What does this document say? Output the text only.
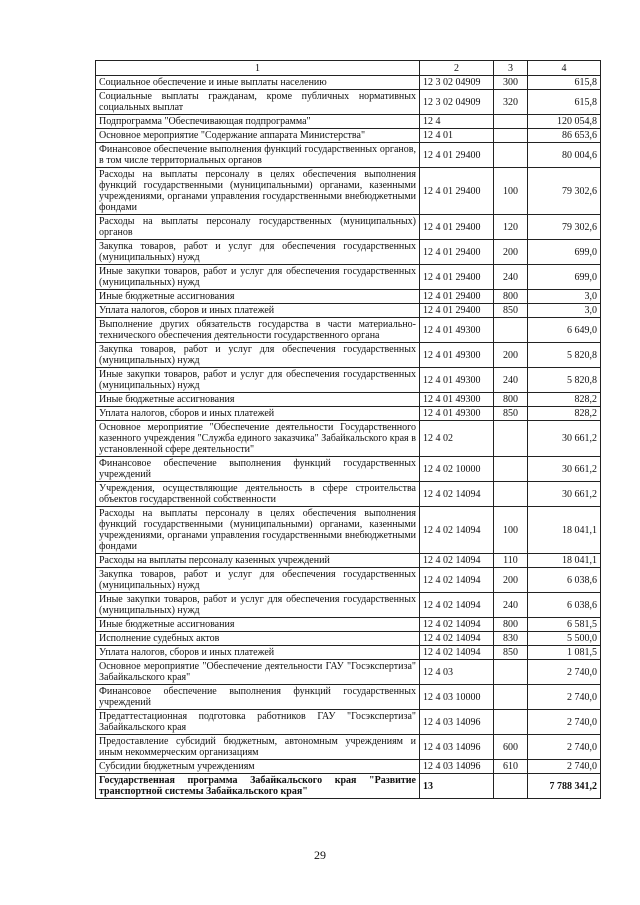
1	2	3	4
Социальное обеспечение и иные выплаты населению	12 3 02 04909	300	615,8
Социальные выплаты гражданам, кроме публичных нормативных социальных выплат	12 3 02 04909	320	615,8
Подпрограмма "Обеспечивающая подпрограмма"	12 4		120 054,8
Основное мероприятие "Содержание аппарата Министерства"	12 4 01		86 653,6
Финансовое обеспечение выполнения функций государственных органов, в том числе территориальных органов	12 4 01 29400		80 004,6
Расходы на выплаты персоналу в целях обеспечения выполнения функций государственными (муниципальными) органами, казенными учреждениями, органами управления государственными внебюджетными фондами	12 4 01 29400	100	79 302,6
Расходы на выплаты персоналу государственных (муниципальных) органов	12 4 01 29400	120	79 302,6
Закупка товаров, работ и услуг для обеспечения государственных (муниципальных) нужд	12 4 01 29400	200	699,0
Иные закупки товаров, работ и услуг для обеспечения государственных (муниципальных) нужд	12 4 01 29400	240	699,0
Иные бюджетные ассигнования	12 4 01 29400	800	3,0
Уплата налогов, сборов и иных платежей	12 4 01 29400	850	3,0
Выполнение других обязательств государства в части материально-технического обеспечения деятельности государственного органа	12 4 01 49300		6 649,0
Закупка товаров, работ и услуг для обеспечения государственных (муниципальных) нужд	12 4 01 49300	200	5 820,8
Иные закупки товаров, работ и услуг для обеспечения государственных (муниципальных) нужд	12 4 01 49300	240	5 820,8
Иные бюджетные ассигнования	12 4 01 49300	800	828,2
Уплата налогов, сборов и иных платежей	12 4 01 49300	850	828,2
Основное мероприятие "Обеспечение деятельности Государственного казенного учреждения "Служба единого заказчика" Забайкальского края в установленной сфере деятельности"	12 4 02		30 661,2
Финансовое обеспечение выполнения функций государственных учреждений	12 4 02 10000		30 661,2
Учреждения, осуществляющие деятельность в сфере строительства объектов государственной собственности	12 4 02 14094		30 661,2
Расходы на выплаты персоналу в целях обеспечения выполнения функций государственными (муниципальными) органами, казенными учреждениями, органами управления государственными внебюджетными фондами	12 4 02 14094	100	18 041,1
Расходы на выплаты персоналу казенных учреждений	12 4 02 14094	110	18 041,1
Закупка товаров, работ и услуг для обеспечения государственных (муниципальных) нужд	12 4 02 14094	200	6 038,6
Иные закупки товаров, работ и услуг для обеспечения государственных (муниципальных) нужд	12 4 02 14094	240	6 038,6
Иные бюджетные ассигнования	12 4 02 14094	800	6 581,5
Исполнение судебных актов	12 4 02 14094	830	5 500,0
Уплата налогов, сборов и иных платежей	12 4 02 14094	850	1 081,5
Основное мероприятие "Обеспечение деятельности ГАУ "Госэкспертиза" Забайкальского края"	12 4 03		2 740,0
Финансовое обеспечение выполнения функций государственных учреждений	12 4 03 10000		2 740,0
Предаттестационная подготовка работников ГАУ "Госэкспертиза" Забайкальского края	12 4 03 14096		2 740,0
Предоставление субсидий бюджетным, автономным учреждениям и иным некоммерческим организациям	12 4 03 14096	600	2 740,0
Субсидии бюджетным учреждениям	12 4 03 14096	610	2 740,0
Государственная программа Забайкальского края "Развитие транспортной системы Забайкальского края"	13		7 788 341,2
29
